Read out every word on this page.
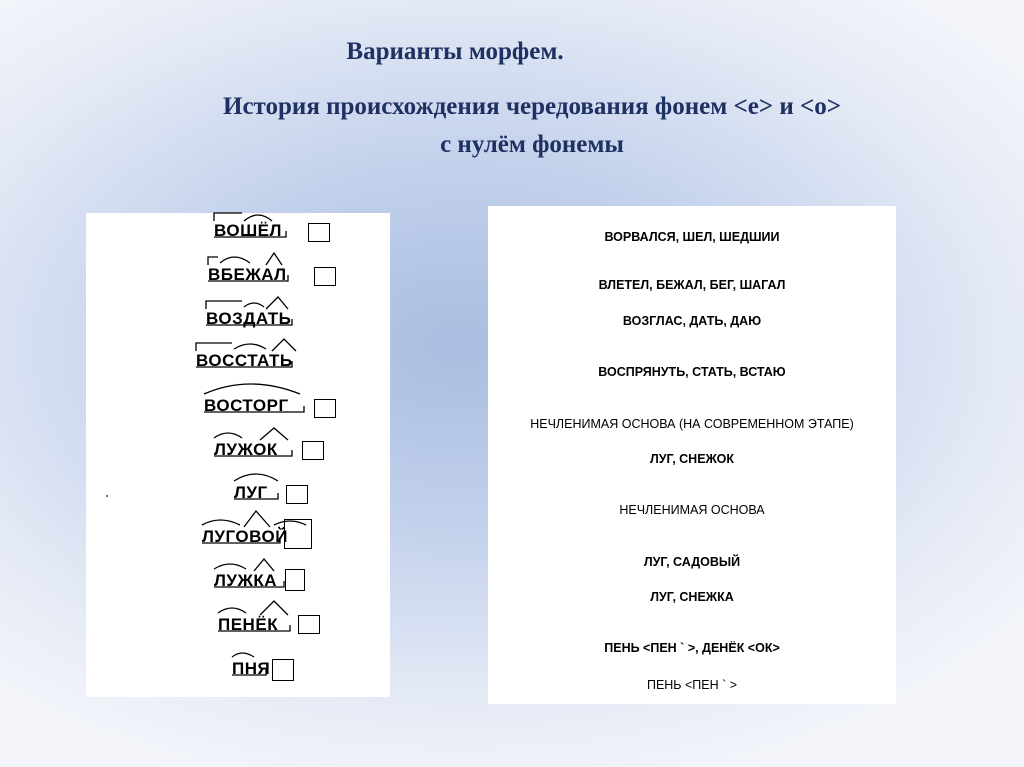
Варианты морфем.
История происхождения чередования фонем <е> и <о>
с нулём фонемы
ВОШЁЛ
ВБЕЖАЛ
ВОЗДАТЬ
ВОССТАТЬ
ВОСТОРГ
ЛУЖОК
ЛУГ
ЛУГОВОЙ
ЛУЖКА
ПЕНЁК
ПНЯ
ВОРВАЛСЯ, ШЕЛ, ШЕДШИИ
ВЛЕТЕЛ, БЕЖАЛ, БЕГ, ШАГАЛ
ВОЗГЛАС, ДАТЬ, ДАЮ
ВОСПРЯНУТЬ, СТАТЬ, ВСТАЮ
НЕЧЛЕНИМАЯ ОСНОВА (НА СОВРЕМЕННОМ ЭТАПЕ)
ЛУГ, СНЕЖОК
НЕЧЛЕНИМАЯ ОСНОВА
ЛУГ, САДОВЫЙ
ЛУГ, СНЕЖКА
ПЕНЬ <ПЕН ` >, ДЕНЁК <ОК>
ПЕНЬ <ПЕН ` >
